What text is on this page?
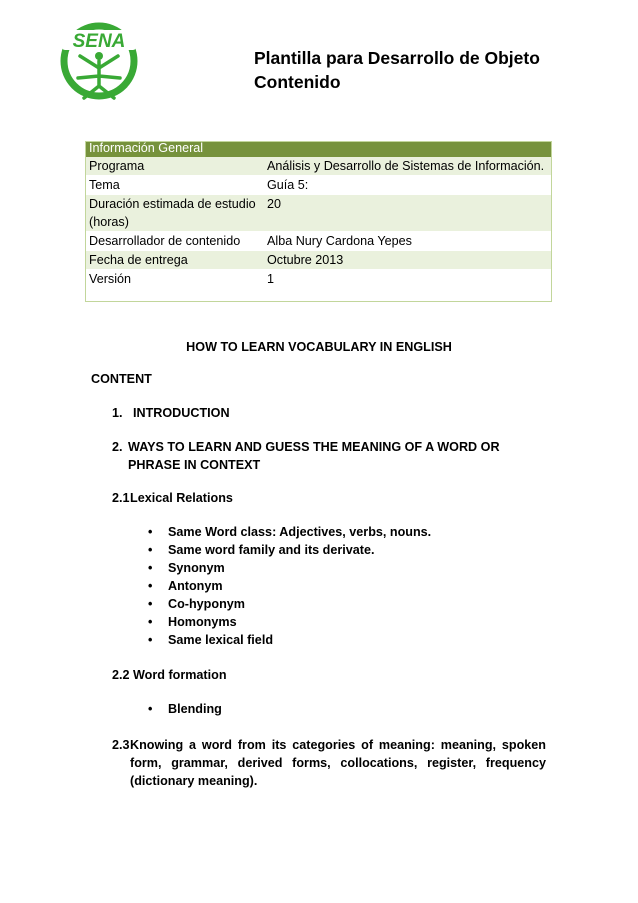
SENA
Plantilla para Desarrollo de Objeto
Contenido
Información General	
Programa	Análisis y Desarrollo de Sistemas de Información.
Tema	Guía 5:
Duración estimada de estudio (horas)	20
Desarrollador de contenido	Alba Nury Cardona Yepes
Fecha de entrega	Octubre 2013
Versión	1
HOW TO LEARN VOCABULARY IN ENGLISH
CONTENT
1. INTRODUCTION
2. WAYS TO LEARN AND GUESS THE MEANING OF A WORD OR PHRASE IN CONTEXT
2.1 Lexical Relations
• Same Word class: Adjectives, verbs, nouns.
• Same word family and its derivate.
• Synonym
• Antonym
• Co-hyponym
• Homonyms
• Same lexical field
2.2 Word formation
• Blending
2.3 Knowing a word from its categories of meaning: meaning, spoken form, grammar, derived forms, collocations, register, frequency (dictionary meaning).
